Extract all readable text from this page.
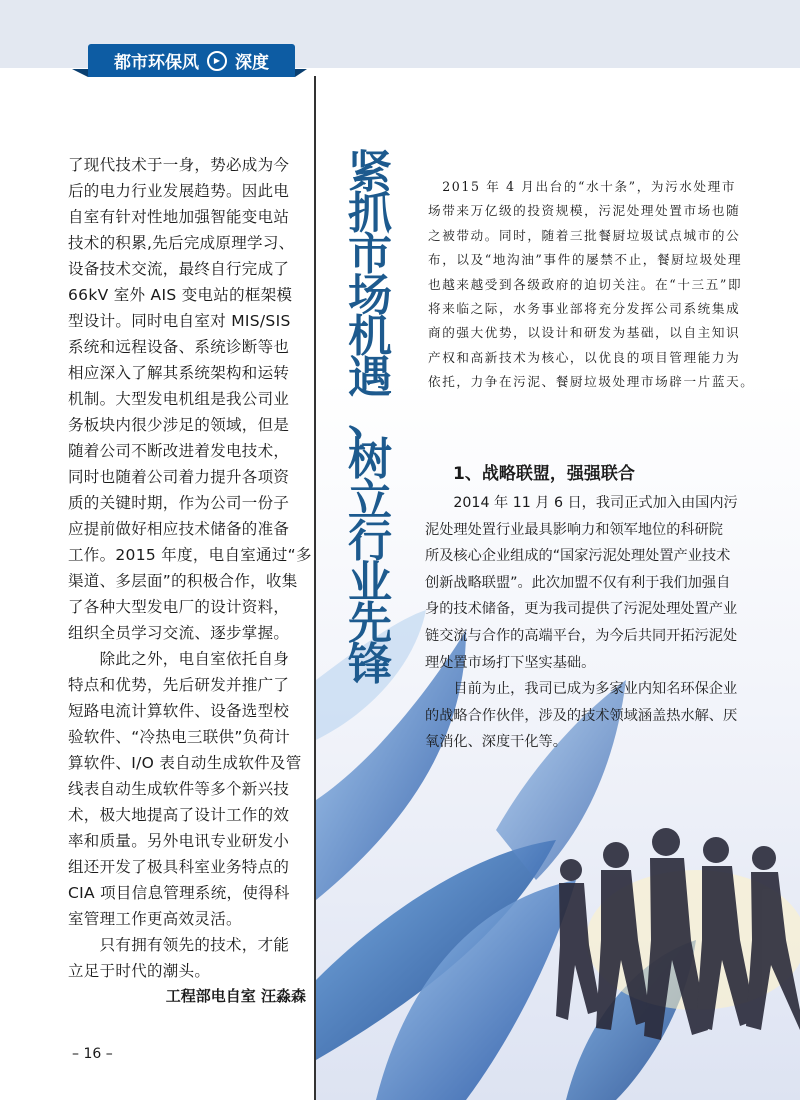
都市环保风	▶ 深度
了现代技术于一身，势必成为今
后的电力行业发展趋势。因此电
自室有针对性地加强智能变电站
技术的积累,先后完成原理学习、
设备技术交流，最终自行完成了
66kV 室外 AIS 变电站的框架模
型设计。同时电自室对 MIS/SIS
系统和远程设备、系统诊断等也
相应深入了解其系统架构和运转
机制。大型发电机组是我公司业
务板块内很少涉足的领域，但是
随着公司不断改进着发电技术，
同时也随着公司着力提升各项资
质的关键时期，作为公司一份子
应提前做好相应技术储备的准备
工作。2015 年度，电自室通过“多
渠道、多层面”的积极合作，收集
了各种大型发电厂的设计资料，
组织全员学习交流、逐步掌握。
　　除此之外，电自室依托自身
特点和优势，先后研发并推广了
短路电流计算软件、设备选型校
验软件、“冷热电三联供”负荷计
算软件、I/O 表自动生成软件及管
线表自动生成软件等多个新兴技
术，极大地提高了设计工作的效
率和质量。另外电讯专业研发小
组还开发了极具科室业务特点的
CIA 项目信息管理系统，使得科
室管理工作更高效灵活。
　　只有拥有领先的技术，才能
立足于时代的潮头。
工程部电自室 汪淼森
– 16 –
紧
抓
市
场
机
遇
、
树
立
行
业
先
锋
　2015 年 4 月出台的“水十条”，为污水处理市
场带来万亿级的投资规模，污泥处理处置市场也随
之被带动。同时，随着三批餐厨垃圾试点城市的公
布，以及“地沟油”事件的屡禁不止，餐厨垃圾处理
也越来越受到各级政府的迫切关注。在“十三五”即
将来临之际，水务事业部将充分发挥公司系统集成
商的强大优势，以设计和研发为基础，以自主知识
产权和高新技术为核心，以优良的项目管理能力为
依托，力争在污泥、餐厨垃圾处理市场辟一片蓝天。
1、战略联盟，强强联合
　　2014 年 11 月 6 日，我司正式加入由国内污
泥处理处置行业最具影响力和领军地位的科研院
所及核心企业组成的“国家污泥处理处置产业技术
创新战略联盟”。此次加盟不仅有利于我们加强自
身的技术储备，更为我司提供了污泥处理处置产业
链交流与合作的高端平台，为今后共同开拓污泥处
理处置市场打下坚实基础。
　　目前为止，我司已成为多家业内知名环保企业
的战略合作伙伴，涉及的技术领域涵盖热水解、厌
氧消化、深度干化等。
